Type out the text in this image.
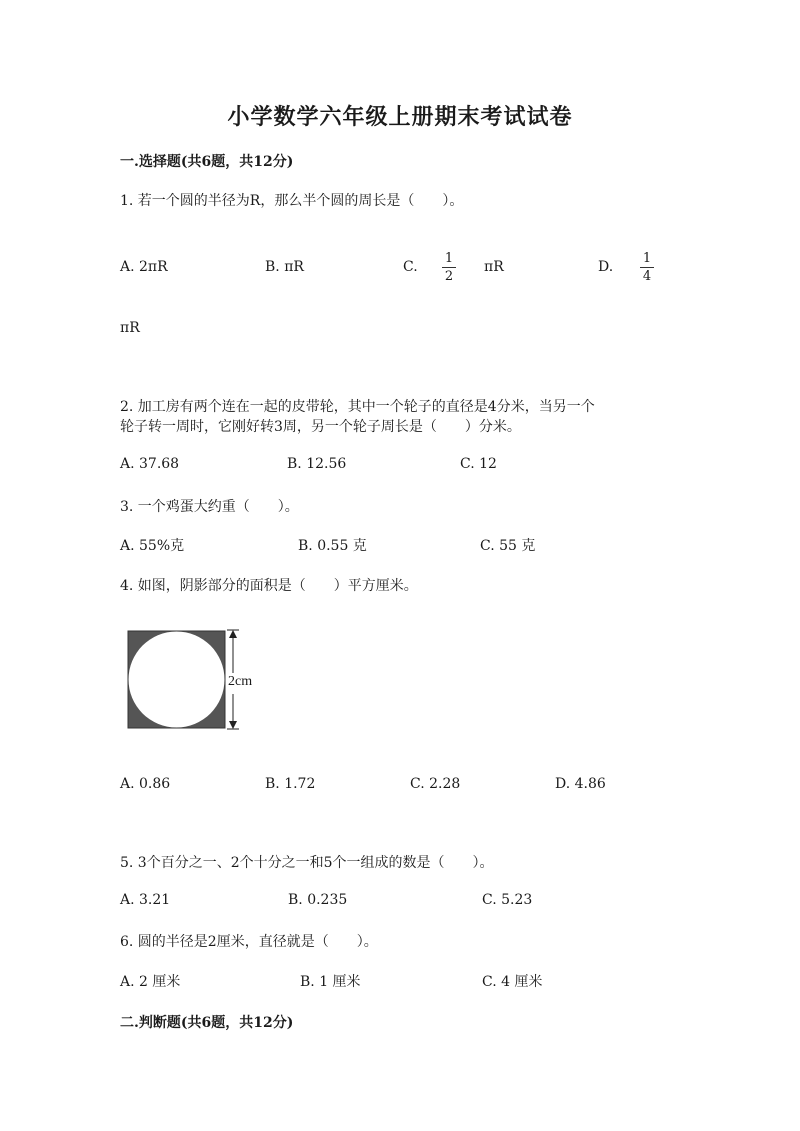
小学数学六年级上册期末考试试卷
一.选择题(共6题，共12分)
1. 若一个圆的半径为R，那么半个圆的周长是（　　）。
A. 2πR	B. πR	C.
1
2
πR	D.
1
4
πR
2. 加工房有两个连在一起的皮带轮，其中一个轮子的直径是4分米，当另一个
轮子转一周时，它刚好转3周，另一个轮子周长是（　　）分米。
A. 37.68	B. 12.56	C. 12
3. 一个鸡蛋大约重（　　）。
A. 55%克	B. 0.55 克	C. 55 克
4. 如图，阴影部分的面积是（　　）平方厘米。
2cm
A. 0.86	B. 1.72	C. 2.28	D. 4.86
5. 3个百分之一、2个十分之一和5个一组成的数是（　　）。
A. 3.21	B. 0.235	C. 5.23
6. 圆的半径是2厘米，直径就是（　　）。
A. 2 厘米	B. 1 厘米	C. 4 厘米
二.判断题(共6题，共12分)
